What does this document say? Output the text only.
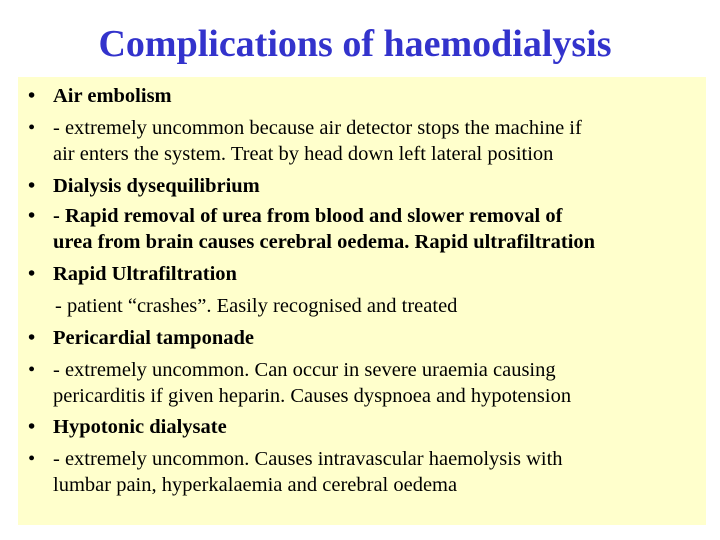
Complications of haemodialysis
• Air embolism
• - extremely uncommon because air detector stops the machine if
air enters the system. Treat by head down left lateral position
• Dialysis dysequilibrium
• - Rapid removal of urea from blood and slower removal of
urea from brain causes cerebral oedema. Rapid ultrafiltration
• Rapid Ultrafiltration
- patient “crashes”. Easily recognised and treated
• Pericardial tamponade
• - extremely uncommon. Can occur in severe uraemia causing
pericarditis if given heparin. Causes dyspnoea and hypotension
• Hypotonic dialysate
• - extremely uncommon. Causes intravascular haemolysis with
lumbar pain, hyperkalaemia and cerebral oedema
